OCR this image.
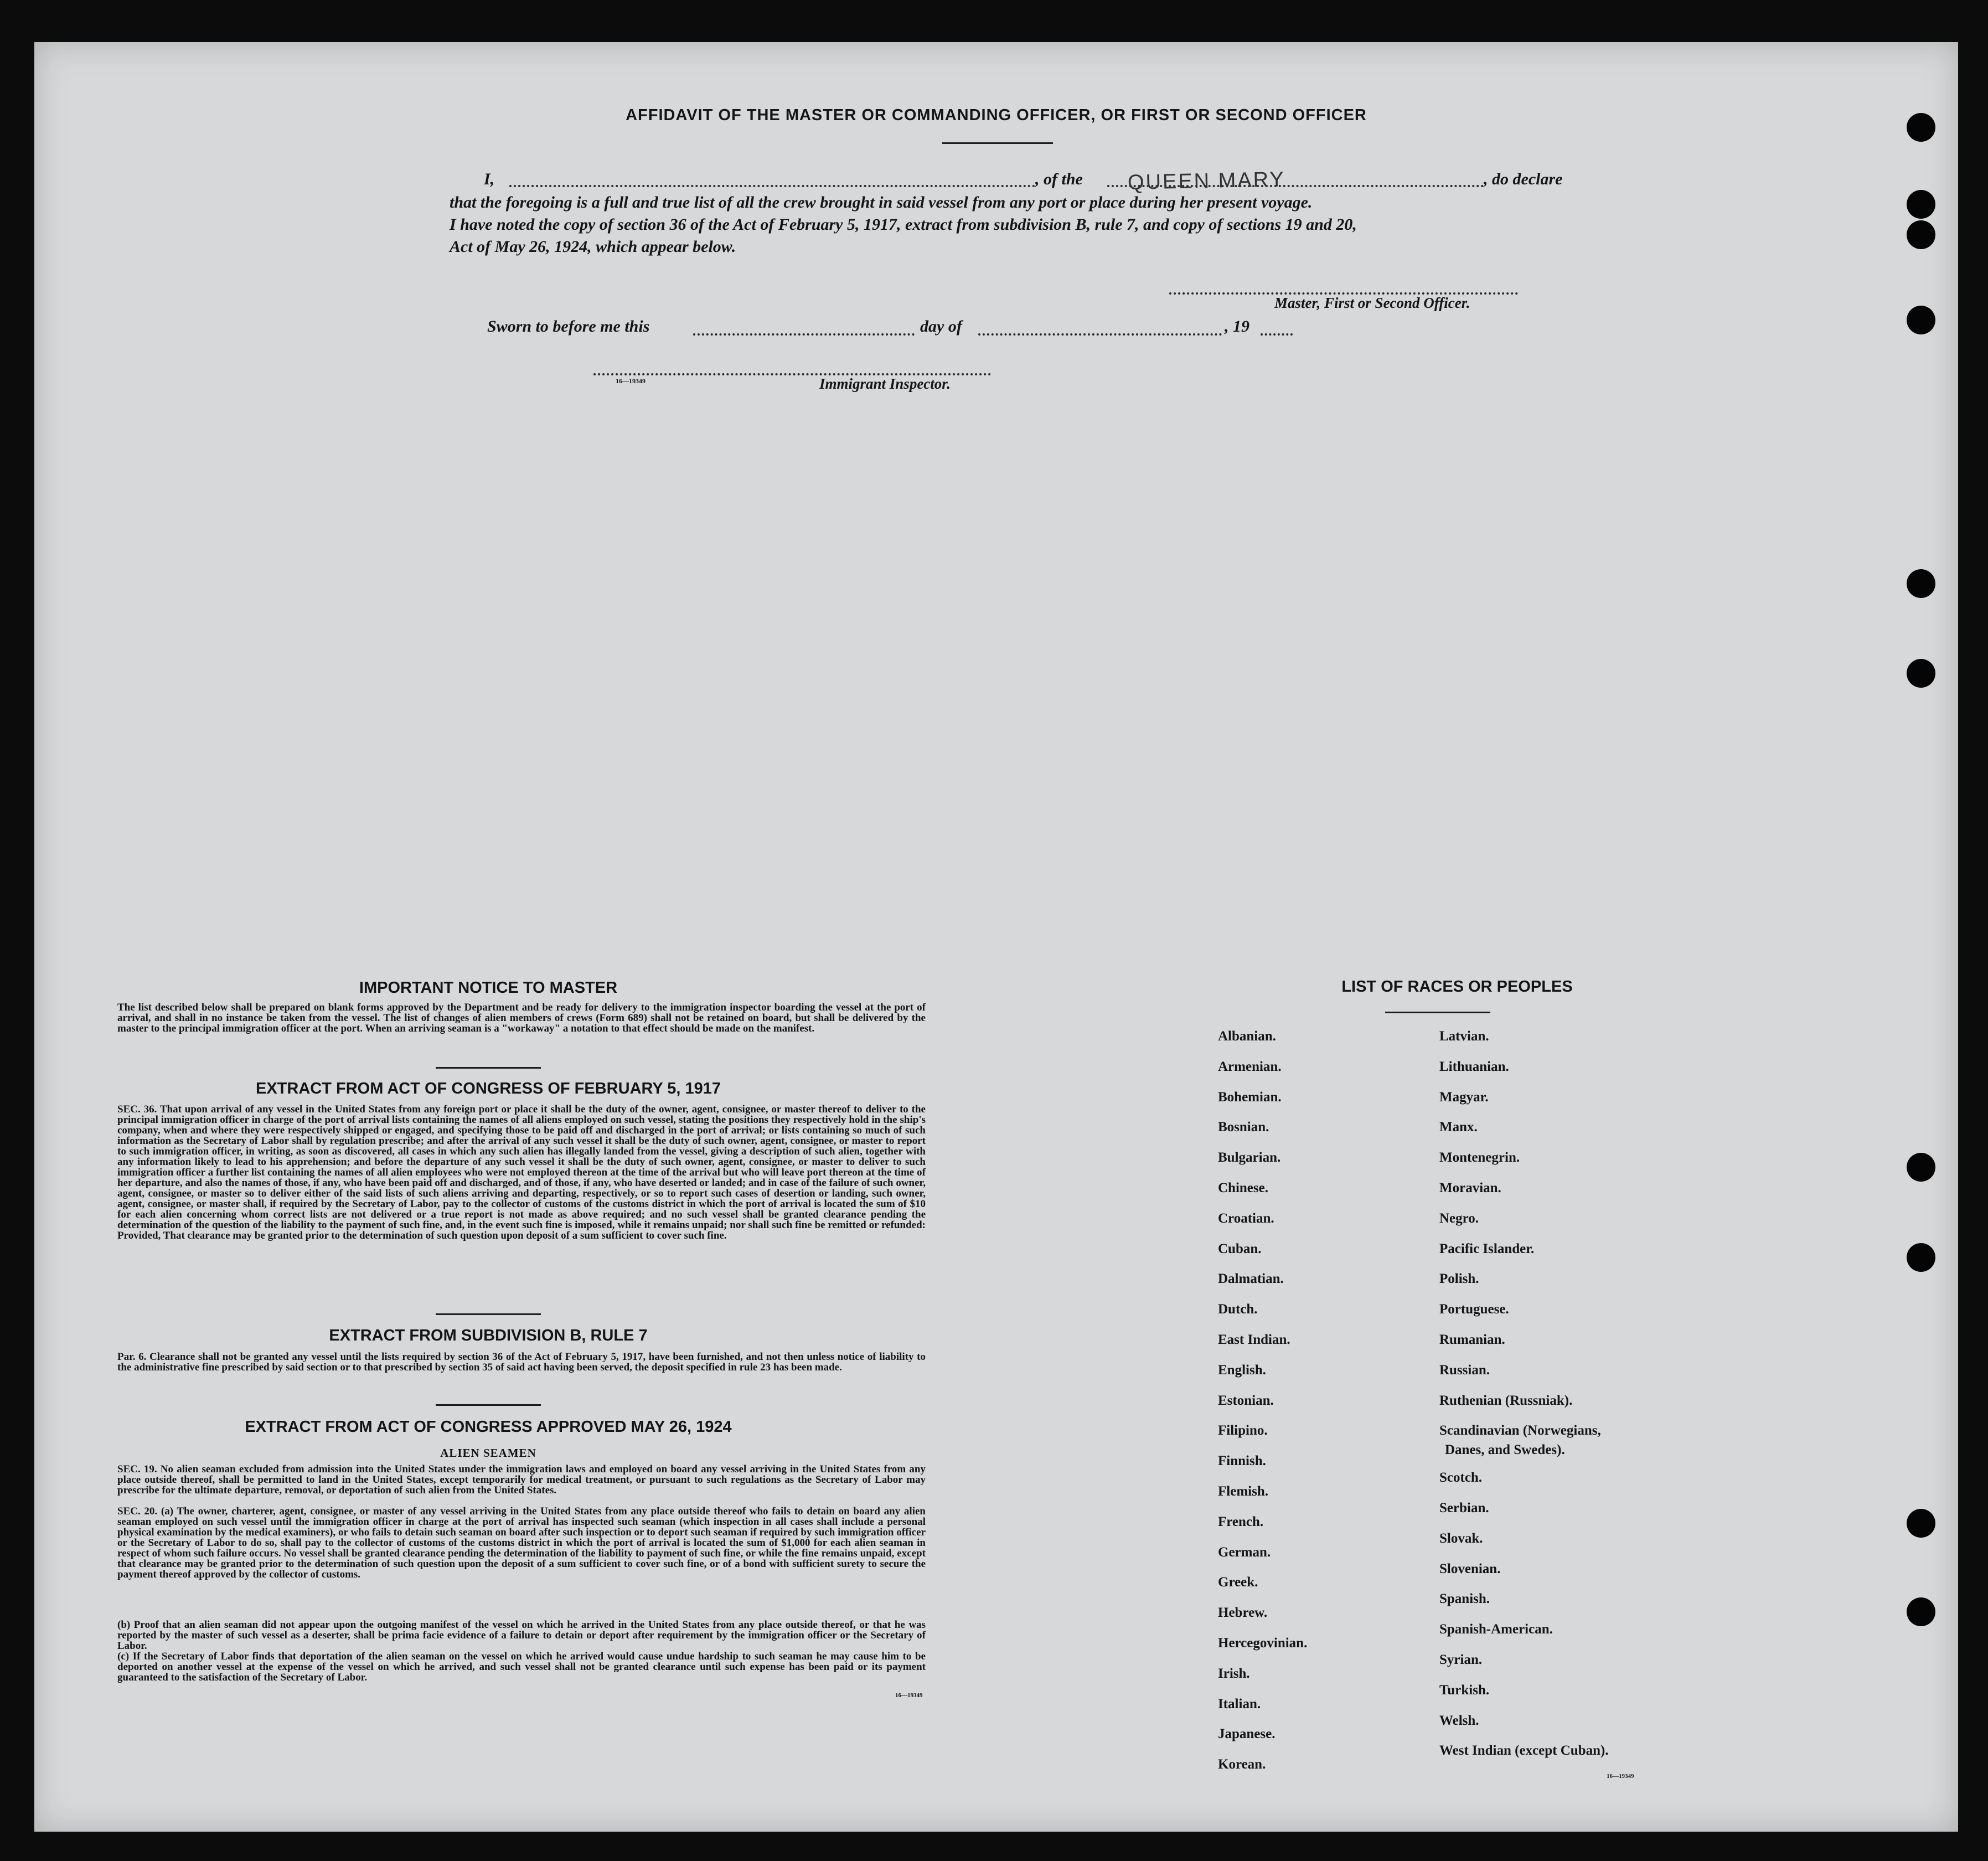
AFFIDAVIT OF THE MASTER OR COMMANDING OFFICER, OR FIRST OR SECOND OFFICER
I,	, of the QUEEN MARY	, do declare
that the foregoing is a full and true list of all the crew brought in said vessel from any port or place during her present voyage.
I have noted the copy of section 36 of the Act of February 5, 1917, extract from subdivision B, rule 7, and copy of sections 19 and 20,
Act of May 26, 1924, which appear below.
Master, First or Second Officer.
Sworn to before me this	day of	, 19
16—19349	Immigrant Inspector.
IMPORTANT NOTICE TO MASTER
The list described below shall be prepared on blank forms approved by the Department and be ready for delivery to the immigration inspector boarding the vessel at the port of arrival, and shall in no instance be taken from the vessel. The list of changes of alien members of crews (Form 689) shall not be retained on board, but shall be delivered by the master to the principal immigration officer at the port. When an arriving seaman is a "workaway" a notation to that effect should be made on the manifest.
EXTRACT FROM ACT OF CONGRESS OF FEBRUARY 5, 1917
SEC. 36. That upon arrival of any vessel in the United States from any foreign port or place it shall be the duty of the owner, agent, consignee, or master thereof to deliver to the principal immigration officer in charge of the port of arrival lists containing the names of all aliens employed on such vessel, stating the positions they respectively hold in the ship's company, when and where they were respectively shipped or engaged, and specifying those to be paid off and discharged in the port of arrival; or lists containing so much of such information as the Secretary of Labor shall by regulation prescribe; and after the arrival of any such vessel it shall be the duty of such owner, agent, consignee, or master to report to such immigration officer, in writing, as soon as discovered, all cases in which any such alien has illegally landed from the vessel, giving a description of such alien, together with any information likely to lead to his apprehension; and before the departure of any such vessel it shall be the duty of such owner, agent, consignee, or master to deliver to such immigration officer a further list containing the names of all alien employees who were not employed thereon at the time of the arrival but who will leave port thereon at the time of her departure, and also the names of those, if any, who have been paid off and discharged, and of those, if any, who have deserted or landed; and in case of the failure of such owner, agent, consignee, or master so to deliver either of the said lists of such aliens arriving and departing, respectively, or so to report such cases of desertion or landing, such owner, agent, consignee, or master shall, if required by the Secretary of Labor, pay to the collector of customs of the customs district in which the port of arrival is located the sum of $10 for each alien concerning whom correct lists are not delivered or a true report is not made as above required; and no such vessel shall be granted clearance pending the determination of the question of the liability to the payment of such fine, and, in the event such fine is imposed, while it remains unpaid; nor shall such fine be remitted or refunded: Provided, That clearance may be granted prior to the determination of such question upon deposit of a sum sufficient to cover such fine.
EXTRACT FROM SUBDIVISION B, RULE 7
Par. 6. Clearance shall not be granted any vessel until the lists required by section 36 of the Act of February 5, 1917, have been furnished, and not then unless notice of liability to the administrative fine prescribed by said section or to that prescribed by section 35 of said act having been served, the deposit specified in rule 23 has been made.
EXTRACT FROM ACT OF CONGRESS APPROVED MAY 26, 1924
ALIEN SEAMEN
SEC. 19. No alien seaman excluded from admission into the United States under the immigration laws and employed on board any vessel arriving in the United States from any place outside thereof, shall be permitted to land in the United States, except temporarily for medical treatment, or pursuant to such regulations as the Secretary of Labor may prescribe for the ultimate departure, removal, or deportation of such alien from the United States.
SEC. 20. (a) The owner, charterer, agent, consignee, or master of any vessel arriving in the United States from any place outside thereof who fails to detain on board any alien seaman employed on such vessel until the immigration officer in charge at the port of arrival has inspected such seaman (which inspection in all cases shall include a personal physical examination by the medical examiners), or who fails to detain such seaman on board after such inspection or to deport such seaman if required by such immigration officer or the Secretary of Labor to do so, shall pay to the collector of customs of the customs district in which the port of arrival is located the sum of $1,000 for each alien seaman in respect of whom such failure occurs. No vessel shall be granted clearance pending the determination of the liability to payment of such fine, or while the fine remains unpaid, except that clearance may be granted prior to the determination of such question upon the deposit of a sum sufficient to cover such fine, or of a bond with sufficient surety to secure the payment thereof approved by the collector of customs.
(b) Proof that an alien seaman did not appear upon the outgoing manifest of the vessel on which he arrived in the United States from any place outside thereof, or that he was reported by the master of such vessel as a deserter, shall be prima facie evidence of a failure to detain or deport after requirement by the immigration officer or the Secretary of Labor.
(c) If the Secretary of Labor finds that deportation of the alien seaman on the vessel on which he arrived would cause undue hardship to such seaman he may cause him to be deported on another vessel at the expense of the vessel on which he arrived, and such vessel shall not be granted clearance until such expense has been paid or its payment guaranteed to the satisfaction of the Secretary of Labor.
16—19349
LIST OF RACES OR PEOPLES
Albanian.
Armenian.
Bohemian.
Bosnian.
Bulgarian.
Chinese.
Croatian.
Cuban.
Dalmatian.
Dutch.
East Indian.
English.
Estonian.
Filipino.
Finnish.
Flemish.
French.
German.
Greek.
Hebrew.
Hercegovinian.
Irish.
Italian.
Japanese.
Korean.
Latvian.
Lithuanian.
Magyar.
Manx.
Montenegrin.
Moravian.
Negro.
Pacific Islander.
Polish.
Portuguese.
Rumanian.
Russian.
Ruthenian (Russniak).
Scandinavian (Norwegians,
Scotch.
Serbian.
Slovak.
Slovenian.
Spanish.
Spanish-American.
Syrian.
Turkish.
Welsh.
West Indian (except Cuban).
Danes, and Swedes).
16—19349
